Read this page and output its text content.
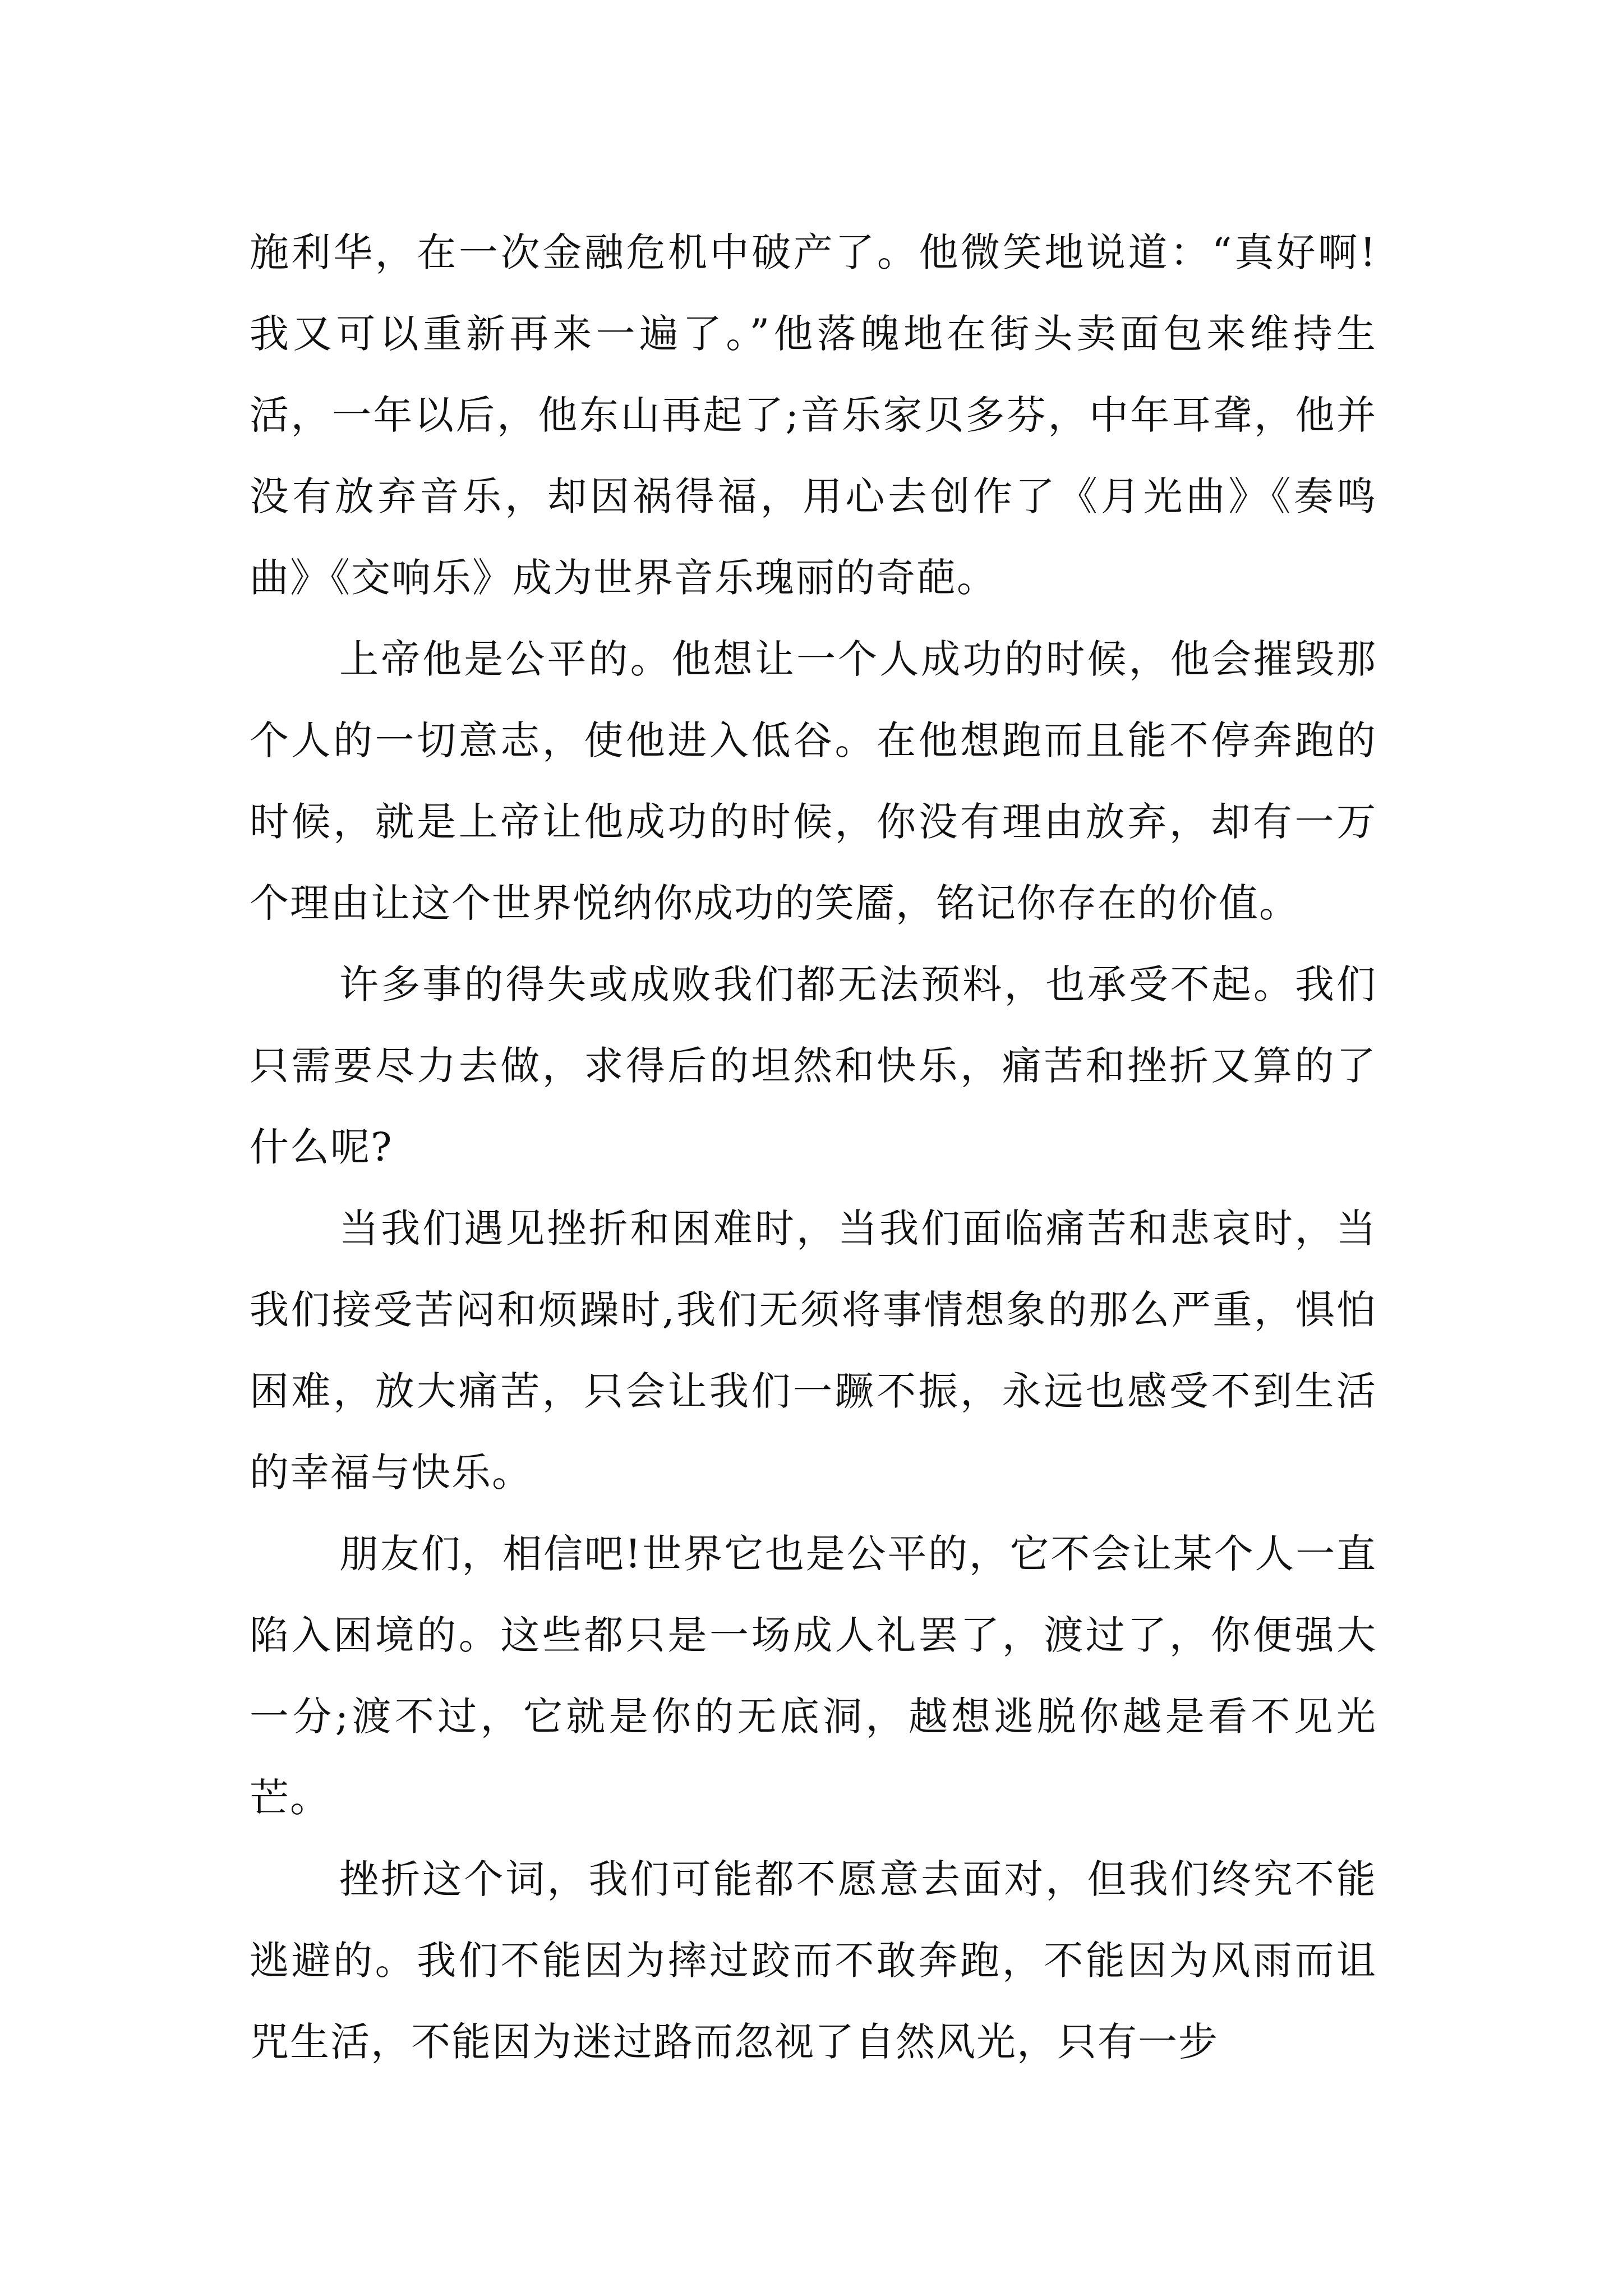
施利华，在一次金融危机中破产了。他微笑地说道：“真好啊!我又可以重新再来一遍了。”他落魄地在街头卖面包来维持生活，一年以后，他东山再起了;音乐家贝多芬，中年耳聋，他并没有放弃音乐，却因祸得福，用心去创作了《月光曲》《奏鸣曲》《交响乐》成为世界音乐瑰丽的奇葩。

上帝他是公平的。他想让一个人成功的时候，他会摧毁那个人的一切意志，使他进入低谷。在他想跑而且能不停奔跑的时候，就是上帝让他成功的时候，你没有理由放弃，却有一万个理由让这个世界悦纳你成功的笑靥，铭记你存在的价值。

许多事的得失或成败我们都无法预料，也承受不起。我们只需要尽力去做，求得后的坦然和快乐，痛苦和挫折又算的了什么呢?

当我们遇见挫折和困难时，当我们面临痛苦和悲哀时，当我们接受苦闷和烦躁时,我们无须将事情想象的那么严重，惧怕困难，放大痛苦，只会让我们一蹶不振，永远也感受不到生活的幸福与快乐。

朋友们，相信吧!世界它也是公平的，它不会让某个人一直陷入困境的。这些都只是一场成人礼罢了，渡过了，你便强大一分;渡不过，它就是你的无底洞，越想逃脱你越是看不见光芒。

挫折这个词，我们可能都不愿意去面对，但我们终究不能逃避的。我们不能因为摔过跤而不敢奔跑，不能因为风雨而诅咒生活，不能因为迷过路而忽视了自然风光，只有一步
